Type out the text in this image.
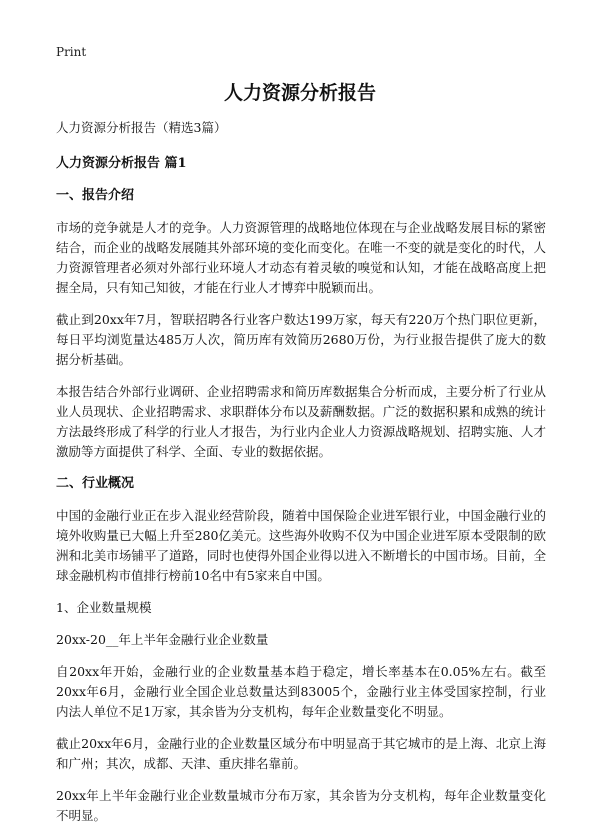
Print
人力资源分析报告

人力资源分析报告（精选3篇）

人力资源分析报告 篇1

一、报告介绍

市场的竞争就是人才的竞争。人力资源管理的战略地位体现在与企业战略发展目标的紧密结合，而企业的战略发展随其外部环境的变化而变化。在唯一不变的就是变化的时代，人力资源管理者必须对外部行业环境人才动态有着灵敏的嗅觉和认知，才能在战略高度上把握全局，只有知己知彼，才能在行业人才博弈中脱颖而出。

截止到20xx年7月，智联招聘各行业客户数达199万家，每天有220万个热门职位更新，每日平均浏览量达485万人次，简历库有效简历2680万份，为行业报告提供了庞大的数据分析基础。

本报告结合外部行业调研、企业招聘需求和简历库数据集合分析而成，主要分析了行业从业人员现状、企业招聘需求、求职群体分布以及薪酬数据。广泛的数据积累和成熟的统计方法最终形成了科学的行业人才报告，为行业内企业人力资源战略规划、招聘实施、人才激励等方面提供了科学、全面、专业的数据依据。

二、行业概况

中国的金融行业正在步入混业经营阶段，随着中国保险企业进军银行业，中国金融行业的境外收购量已大幅上升至280亿美元。这些海外收购不仅为中国企业进军原本受限制的欧洲和北美市场铺平了道路，同时也使得外国企业得以进入不断增长的中国市场。目前，全球金融机构市值排行榜前10名中有5家来自中国。

1、企业数量规模

20xx-20__年上半年金融行业企业数量

自20xx年开始，金融行业的企业数量基本趋于稳定，增长率基本在0.05%左右。截至20xx年6月，金融行业全国企业总数量达到83005个，金融行业主体受国家控制，行业内法人单位不足1万家，其余皆为分支机构，每年企业数量变化不明显。

截止20xx年6月，金融行业的企业数量区域分布中明显高于其它城市的是上海、北京上海和广州；其次，成都、天津、重庆排名靠前。

20xx年上半年金融行业企业数量城市分布万家，其余皆为分支机构，每年企业数量变化不明显。
